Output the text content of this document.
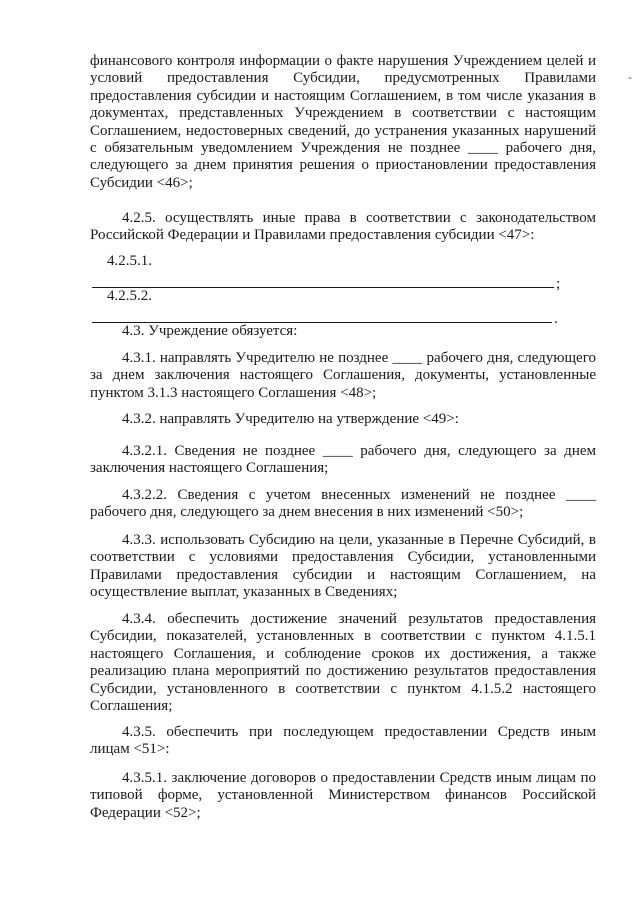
финансового контроля информации о факте нарушения Учреждением целей и условий предоставления Субсидии, предусмотренных Правилами предоставления субсидии и настоящим Соглашением, в том числе указания в документах, представленных Учреждением в соответствии с настоящим Соглашением, недостоверных сведений, до устранения указанных нарушений с обязательным уведомлением Учреждения не позднее ____ рабочего дня, следующего за днем принятия решения о приостановлении предоставления Субсидии <46>;
4.2.5. осуществлять иные права в соответствии с законодательством Российской Федерации и Правилами предоставления субсидии <47>:
4.2.5.1.
;
4.2.5.2.
.
4.3. Учреждение обязуется:
4.3.1. направлять Учредителю не позднее ____ рабочего дня, следующего за днем заключения настоящего Соглашения, документы, установленные пунктом 3.1.3 настоящего Соглашения <48>;
4.3.2. направлять Учредителю на утверждение <49>:
4.3.2.1. Сведения не позднее ____ рабочего дня, следующего за днем заключения настоящего Соглашения;
4.3.2.2. Сведения с учетом внесенных изменений не позднее ____ рабочего дня, следующего за днем внесения в них изменений <50>;
4.3.3. использовать Субсидию на цели, указанные в Перечне Субсидий, в соответствии с условиями предоставления Субсидии, установленными Правилами предоставления субсидии и настоящим Соглашением, на осуществление выплат, указанных в Сведениях;
4.3.4. обеспечить достижение значений результатов предоставления Субсидии, показателей, установленных в соответствии с пунктом 4.1.5.1 настоящего Соглашения, и соблюдение сроков их достижения, а также реализацию плана мероприятий по достижению результатов предоставления Субсидии, установленного в соответствии с пунктом 4.1.5.2 настоящего Соглашения;
4.3.5. обеспечить при последующем предоставлении Средств иным лицам <51>:
4.3.5.1. заключение договоров о предоставлении Средств иным лицам по типовой форме, установленной Министерством финансов Российской Федерации <52>;
-
